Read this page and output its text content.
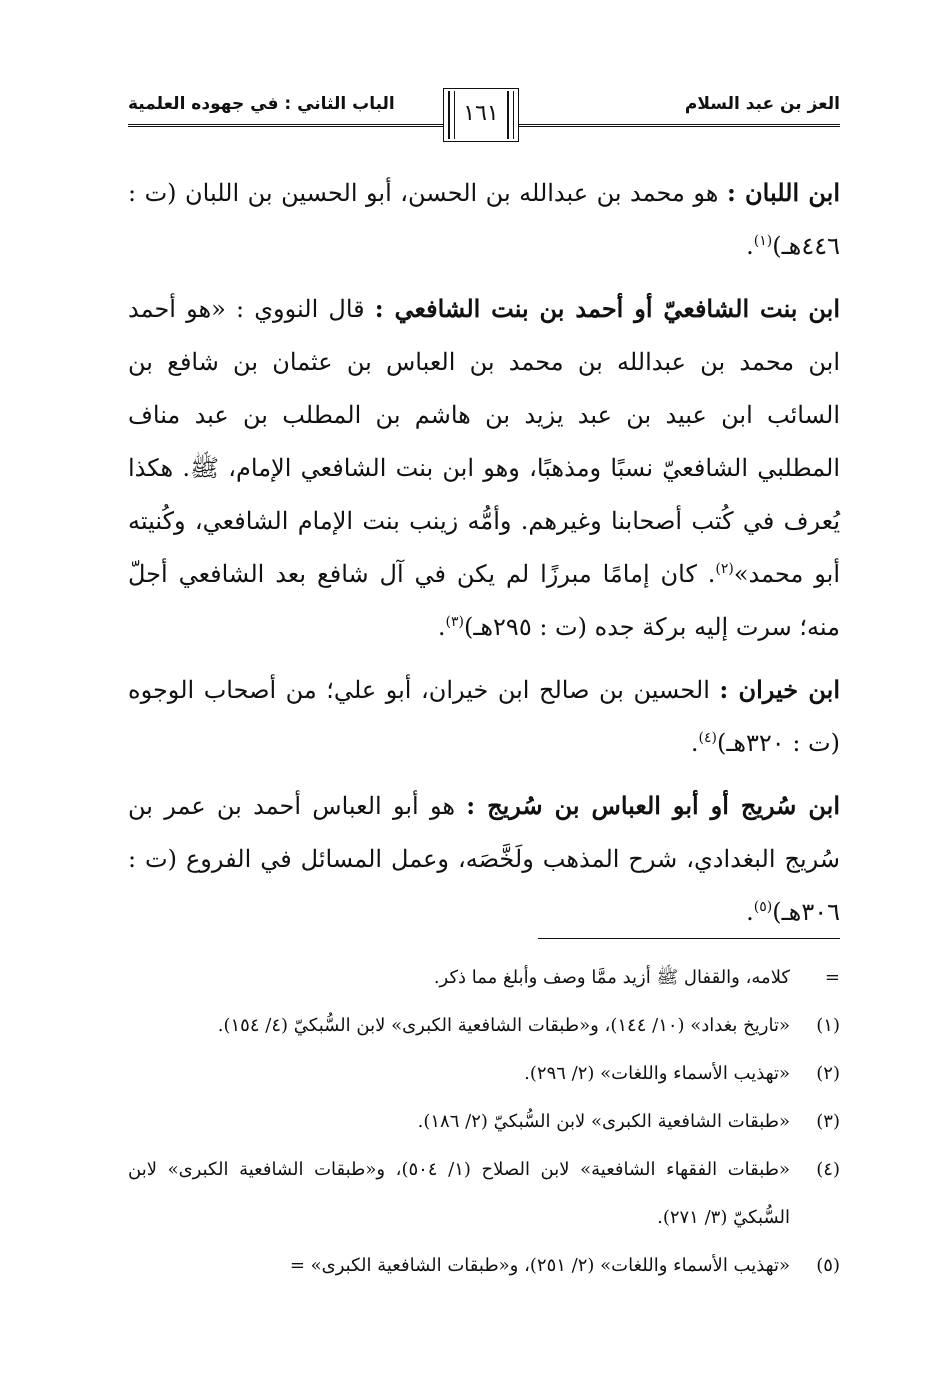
العز بن عبد السلام
الباب الثاني : في جهوده العلمية	١٦١

ابن اللبان : هو محمد بن عبدالله بن الحسن، أبو الحسين بن اللبان (ت : ٤٤٦هـ)$^{(١)}$.

ابن بنت الشافعيّ أو أحمد بن بنت الشافعي : قال النووي : «هو أحمد ابن محمد بن عبدالله بن محمد بن العباس بن عثمان بن شافع بن السائب ابن عبيد بن عبد يزيد بن هاشم بن المطلب بن عبد مناف المطلبي الشافعيّ نسبًا ومذهبًا، وهو ابن بنت الشافعي الإمام، ﷺ. هكذا يُعرف في كُتب أصحابنا وغيرهم. وأمُّه زينب بنت الإمام الشافعي، وكُنيته أبو محمد»$^{(٢)}$. كان إمامًا مبرزًا لم يكن في آل شافع بعد الشافعي أجلّ منه؛ سرت إليه بركة جده (ت : ٢٩٥هـ)$^{(٣)}$.

ابن خيران : الحسين بن صالح ابن خيران، أبو علي؛ من أصحاب الوجوه (ت : ٣٢٠هـ)$^{(٤)}$.

ابن سُريج أو أبو العباس بن سُريج : هو أبو العباس أحمد بن عمر بن سُريج البغدادي، شرح المذهب ولَخَّصَه، وعمل المسائل في الفروع (ت : ٣٠٦هـ)$^{(٥)}$.

=
كلامه، والقفال ﷺ أزيد ممَّا وصف وأبلغ مما ذكر.
(١)
«تاريخ بغداد» (١٠/ ١٤٤)، و«طبقات الشافعية الكبرى» لابن السُّبكيّ (٤/ ١٥٤).
(٢)
«تهذيب الأسماء واللغات» (٢/ ٢٩٦).
(٣)
«طبقات الشافعية الكبرى» لابن السُّبكيّ (٢/ ١٨٦).
(٤)
«طبقات الفقهاء الشافعية» لابن الصلاح (١/ ٥٠٤)، و«طبقات الشافعية الكبرى» لابن السُّبكيّ (٣/ ٢٧١).
(٥)
«تهذيب الأسماء واللغات» (٢/ ٢٥١)، و«طبقات الشافعية الكبرى» =
